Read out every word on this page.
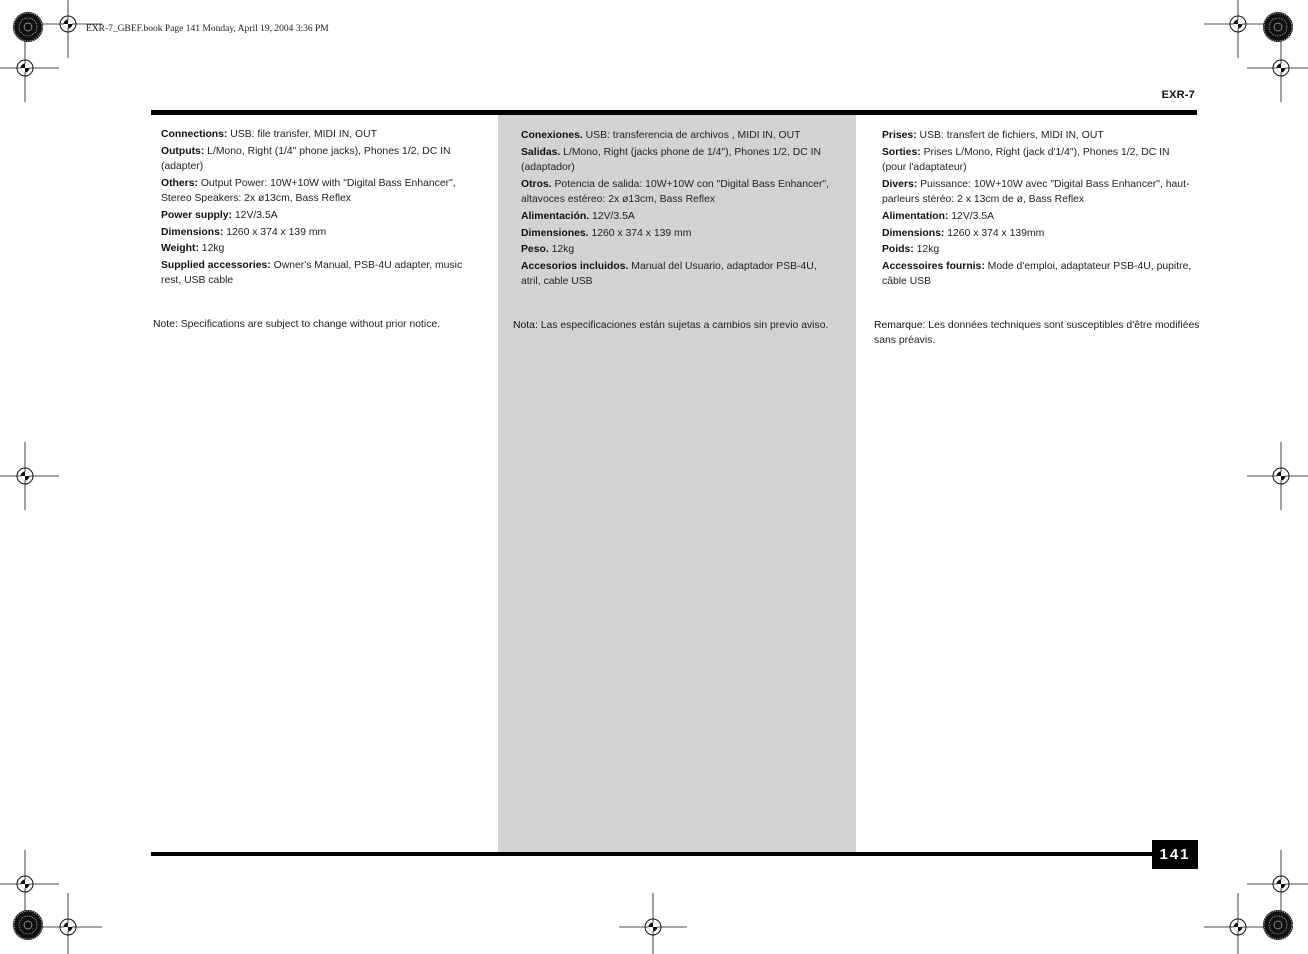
EXR-7_GBEF.book Page 141 Monday, April 19, 2004 3:36 PM
EXR-7
Connections: USB: file transfer, MIDI IN, OUT
Outputs: L/Mono, Right (1/4" phone jacks), Phones 1/2, DC IN (adapter)
Others: Output Power: 10W+10W with "Digital Bass Enhancer", Stereo Speakers: 2x ø13cm, Bass Reflex
Power supply: 12V/3.5A
Dimensions: 1260 x 374 x 139 mm
Weight: 12kg
Supplied accessories: Owner's Manual, PSB-4U adapter, music rest, USB cable
Note: Specifications are subject to change without prior notice.
Conexiones. USB: transferencia de archivos , MIDI IN, OUT
Salidas. L/Mono, Right (jacks phone de 1/4"), Phones 1/2, DC IN (adaptador)
Otros. Potencia de salida: 10W+10W con "Digital Bass Enhancer", altavoces estéreo: 2x ø13cm, Bass Reflex
Alimentación. 12V/3.5A
Dimensiones. 1260 x 374 x 139 mm
Peso. 12kg
Accesorios incluidos. Manual del Usuario, adaptador PSB-4U, atril, cable USB
Nota: Las especificaciones están sujetas a cambios sin previo aviso.
Prises: USB: transfert de fichiers, MIDI IN, OUT
Sorties: Prises L/Mono, Right (jack d'1/4"), Phones 1/2, DC IN (pour l'adaptateur)
Divers: Puissance: 10W+10W avec "Digital Bass Enhancer", haut-parleurs stéréo: 2 x 13cm de ø, Bass Reflex
Alimentation: 12V/3.5A
Dimensions: 1260 x 374 x 139mm
Poids: 12kg
Accessoires fournis: Mode d'emploi, adaptateur PSB-4U, pupitre, câble USB
Remarque: Les données techniques sont susceptibles d'être modifiées sans préavis.
141
